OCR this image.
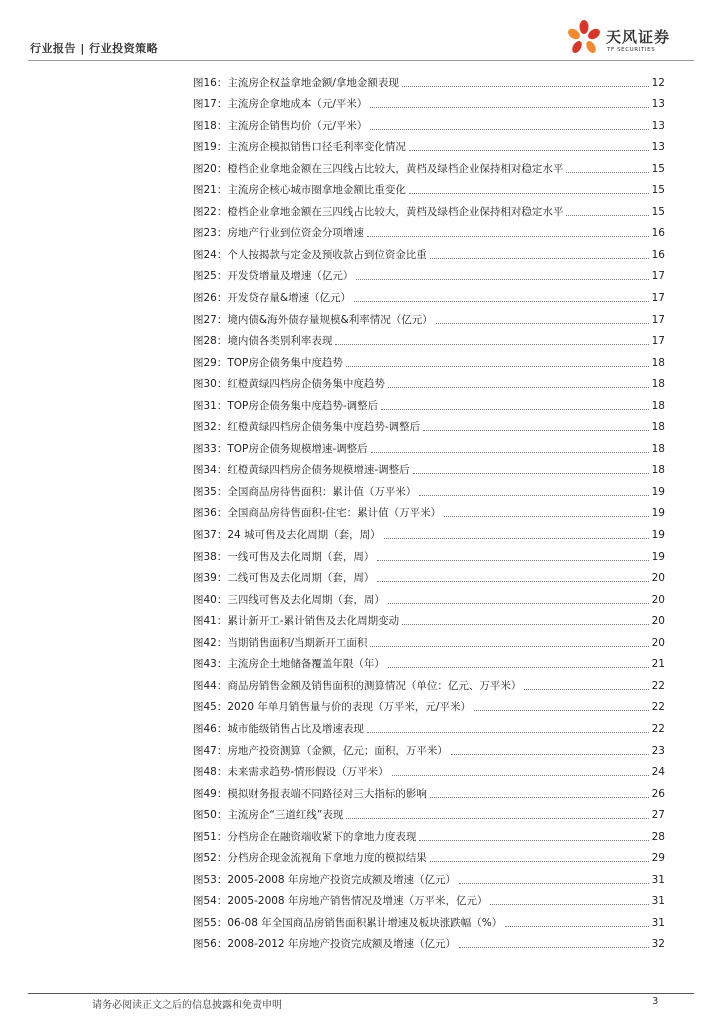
行业报告 | 行业投资策略
天风证券
TF SECURITIES
图16： 主流房企权益拿地金额/拿地金额表现	12
图17： 主流房企拿地成本（元/平米）	13
图18： 主流房企销售均价（元/平米）	13
图19： 主流房企模拟销售口径毛利率变化情况	13
图20： 橙档企业拿地金额在三四线占比较大，黄档及绿档企业保持相对稳定水平	15
图21： 主流房企核心城市圈拿地金额比重变化	15
图22： 橙档企业拿地金额在三四线占比较大，黄档及绿档企业保持相对稳定水平	15
图23： 房地产行业到位资金分项增速	16
图24： 个人按揭款与定金及预收款占到位资金比重	16
图25： 开发贷增量及增速（亿元）	17
图26： 开发贷存量&增速（亿元）	17
图27： 境内债&海外债存量规模&利率情况（亿元）	17
图28： 境内债各类别利率表现	17
图29： TOP房企债务集中度趋势	18
图30： 红橙黄绿四档房企债务集中度趋势	18
图31： TOP房企债务集中度趋势-调整后	18
图32： 红橙黄绿四档房企债务集中度趋势-调整后	18
图33： TOP房企债务规模增速-调整后	18
图34： 红橙黄绿四档房企债务规模增速-调整后	18
图35： 全国商品房待售面积：累计值（万平米）	19
图36： 全国商品房待售面积-住宅：累计值（万平米）	19
图37： 24 城可售及去化周期（套，周）	19
图38： 一线可售及去化周期（套，周）	19
图39： 二线可售及去化周期（套，周）	20
图40： 三四线可售及去化周期（套，周）	20
图41： 累计新开工-累计销售及去化周期变动	20
图42： 当期销售面积/当期新开工面积	20
图43： 主流房企土地储备覆盖年限（年）	21
图44： 商品房销售金额及销售面积的测算情况（单位：亿元、万平米）	22
图45： 2020 年单月销售量与价的表现（万平米，元/平米）	22
图46： 城市能级销售占比及增速表现	22
图47： 房地产投资测算（金额，亿元；面积，万平米）	23
图48： 未来需求趋势-情形假设（万平米）	24
图49： 模拟财务报表端不同路径对三大指标的影响	26
图50： 主流房企“三道红线”表现	27
图51： 分档房企在融资端收紧下的拿地力度表现	28
图52： 分档房企现金流视角下拿地力度的模拟结果	29
图53： 2005-2008 年房地产投资完成额及增速（亿元）	31
图54： 2005-2008 年房地产销售情况及增速（万平米，亿元）	31
图55： 06-08 年全国商品房销售面积累计增速及板块涨跌幅（%）	31
图56： 2008-2012 年房地产投资完成额及增速（亿元）	32
请务必阅读正文之后的信息披露和免责申明	3
